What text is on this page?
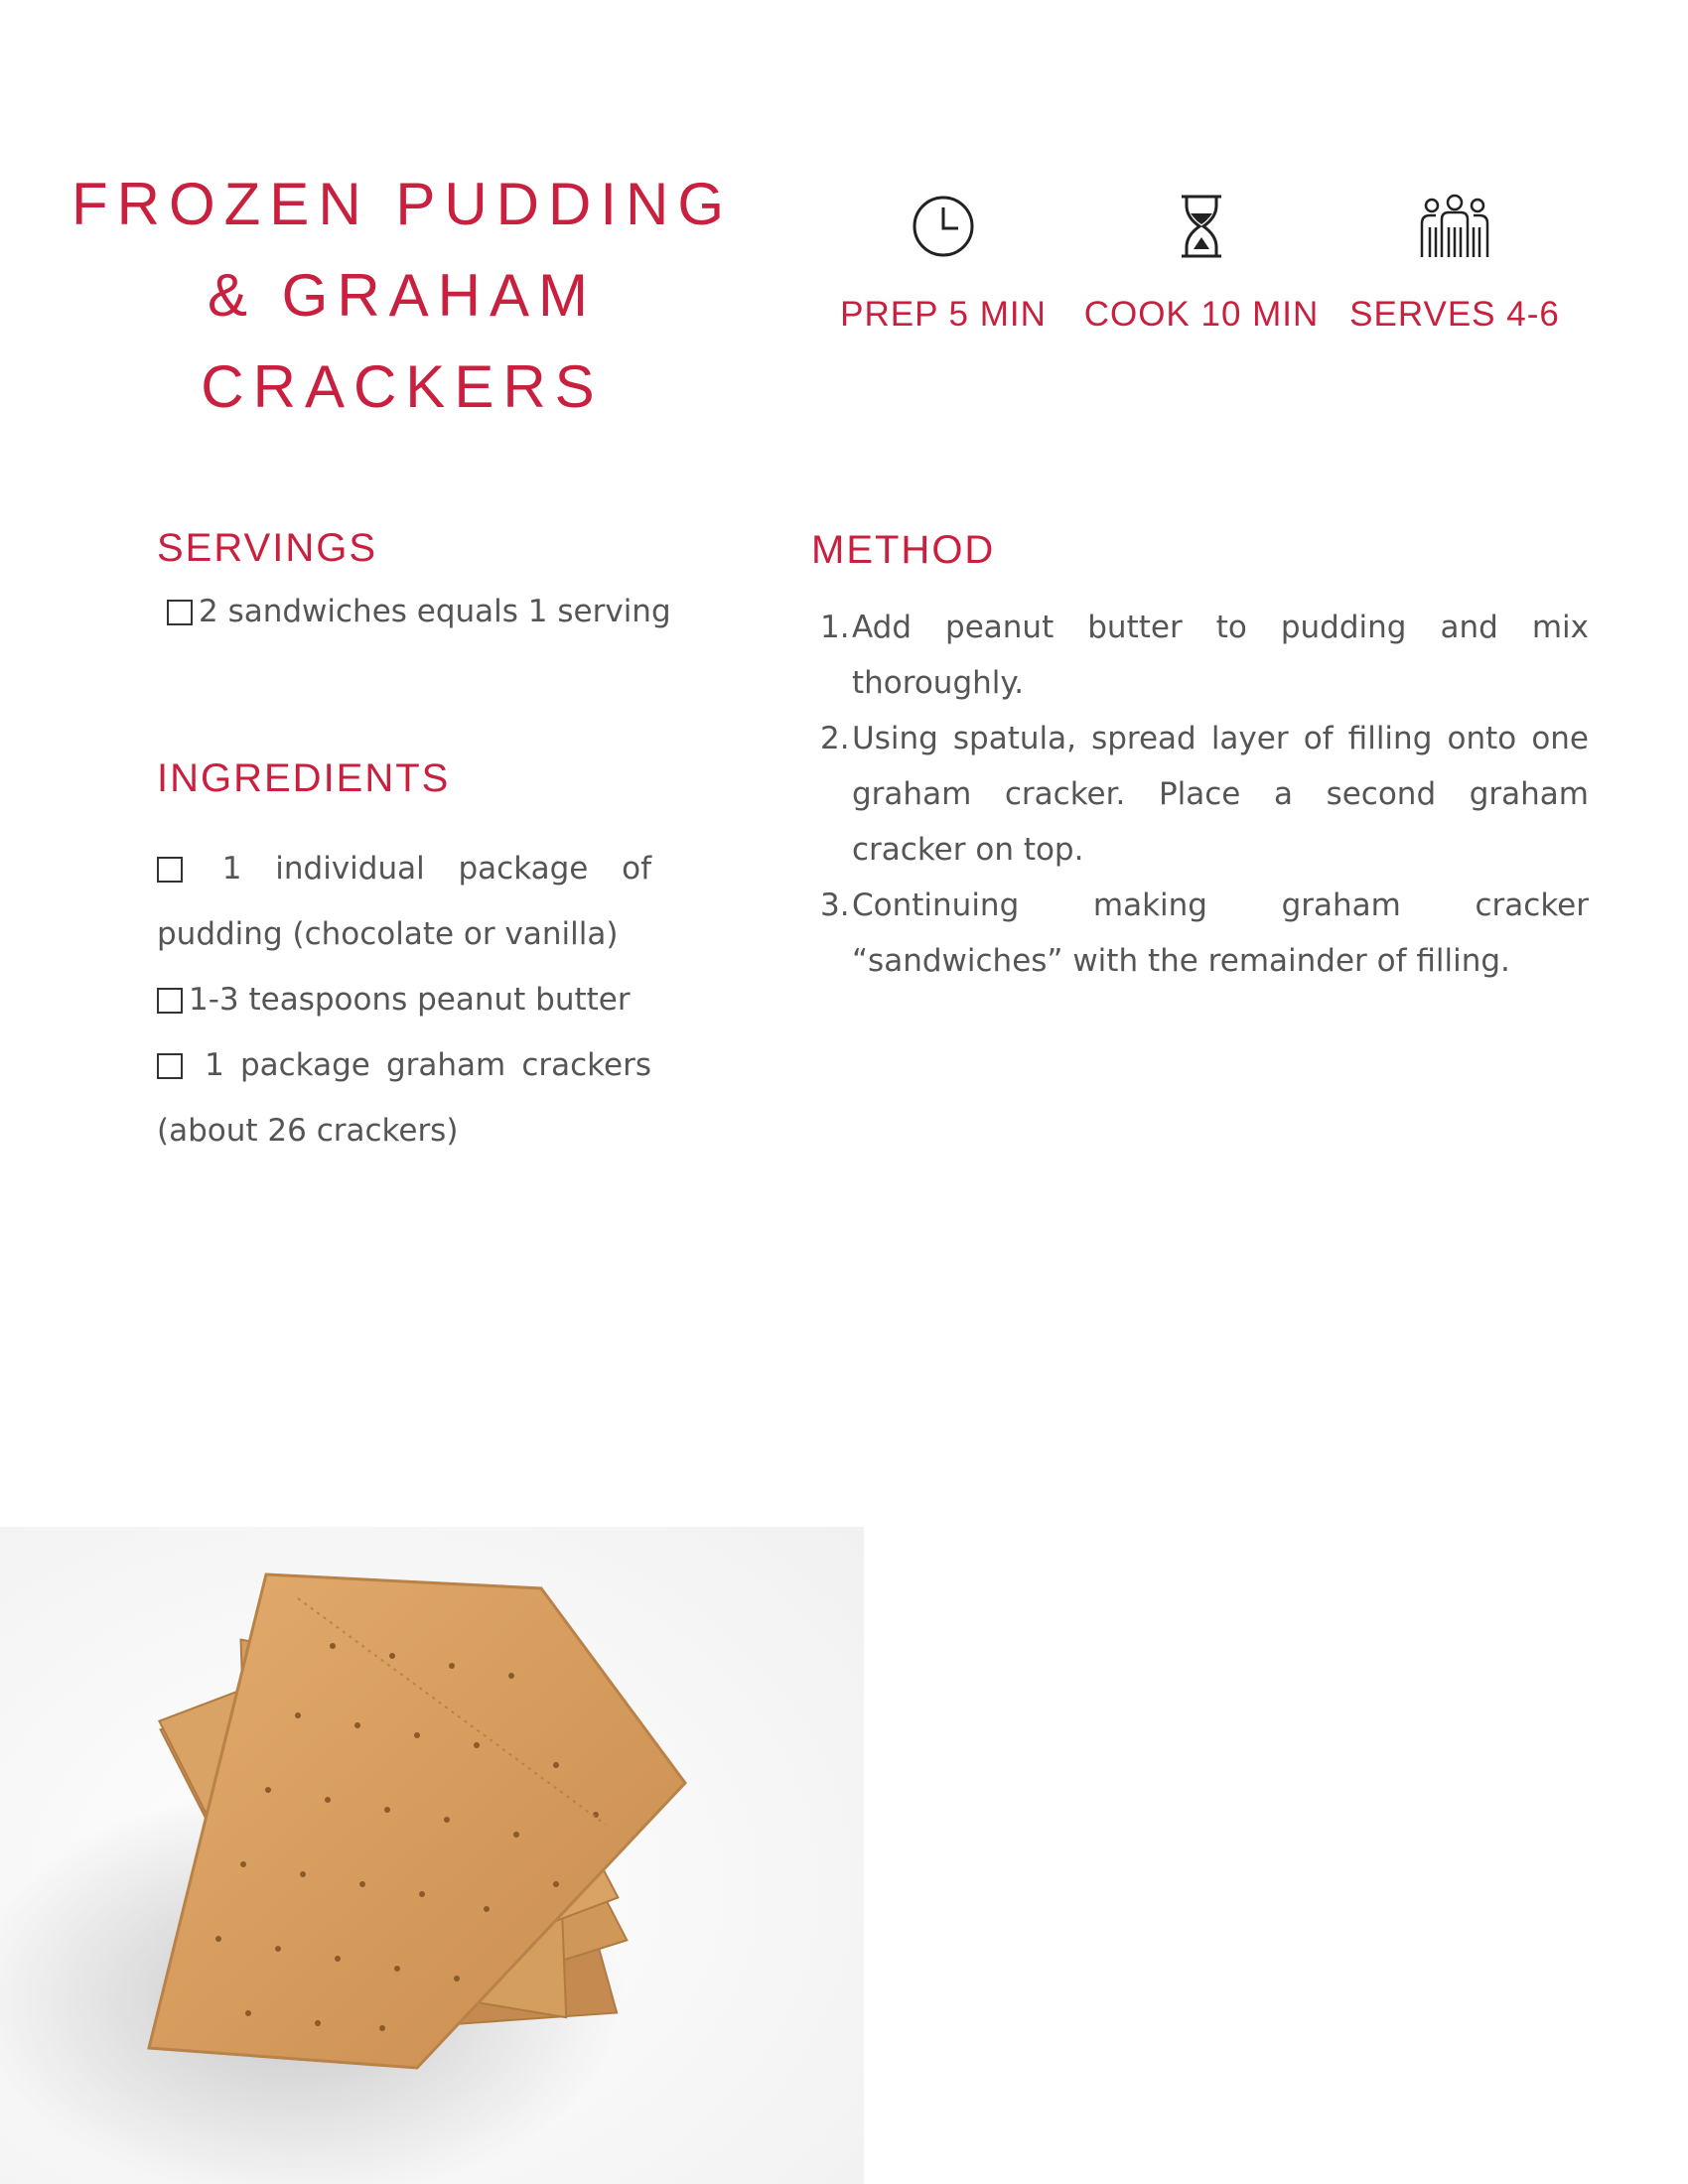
FROZEN PUDDING
& GRAHAM
CRACKERS
PREP 5 MIN	COOK 10 MIN SERVES 4-6
SERVINGS
2 sandwiches equals 1 serving
INGREDIENTS
1 individual package of pudding (chocolate or vanilla)
1-3 teaspoons peanut butter
1 package graham crackers (about 26 crackers)
METHOD
1. Add peanut butter to pudding and mix thoroughly.
2. Using spatula, spread layer of filling onto one graham cracker. Place a second graham cracker on top.
3. Continuing making graham cracker “sandwiches” with the remainder of filling.
